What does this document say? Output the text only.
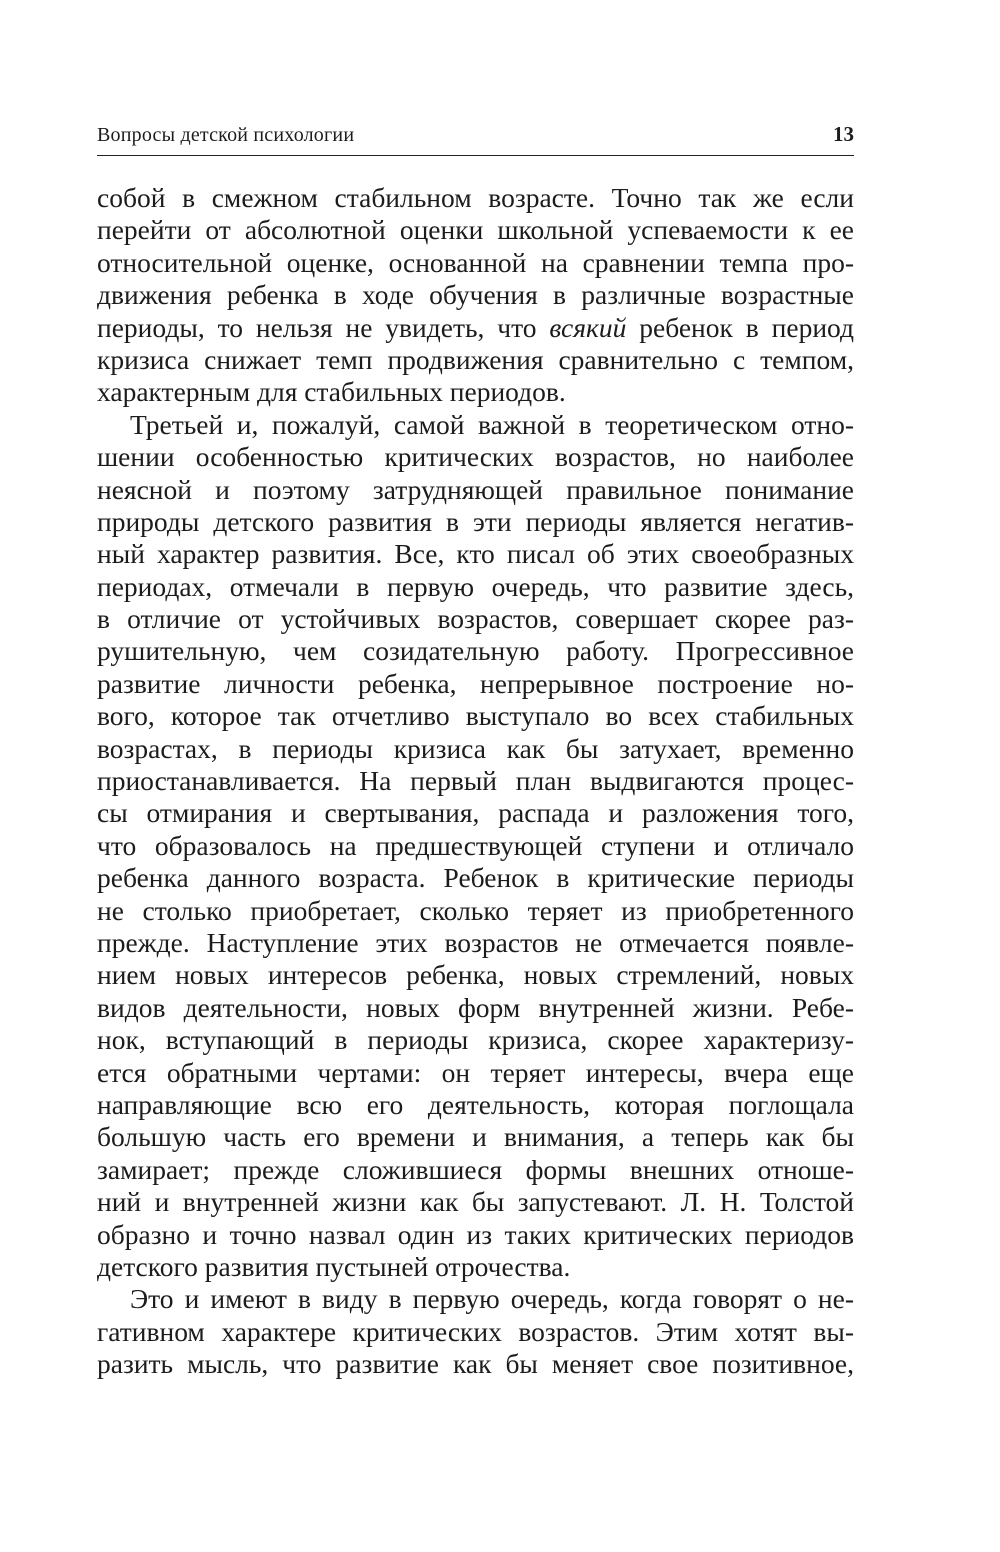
Вопросы детской психологии	13
собой в смежном стабильном возрасте. Точно так же если
перейти от абсолютной оценки школьной успеваемости к ее
относительной оценке, основанной на сравнении темпа про-
движения ребенка в ходе обучения в различные возрастные
периоды, то нельзя не увидеть, что всякий ребенок в период
кризиса снижает темп продвижения сравнительно с темпом,
характерным для стабильных периодов.
Третьей и, пожалуй, самой важной в теоретическом отно-
шении особенностью критических возрастов, но наиболее
неясной и поэтому затрудняющей правильное понимание
природы детского развития в эти периоды является негатив-
ный характер развития. Все, кто писал об этих своеобразных
периодах, отмечали в первую очередь, что развитие здесь,
в отличие от устойчивых возрастов, совершает скорее раз-
рушительную, чем созидательную работу. Прогрессивное
развитие личности ребенка, непрерывное построение но-
вого, которое так отчетливо выступало во всех стабильных
возрастах, в периоды кризиса как бы затухает, временно
приостанавливается. На первый план выдвигаются процес-
сы отмирания и свертывания, распада и разложения того,
что образовалось на предшествующей ступени и отличало
ребенка данного возраста. Ребенок в критические периоды
не столько приобретает, сколько теряет из приобретенного
прежде. Наступление этих возрастов не отмечается появле-
нием новых интересов ребенка, новых стремлений, новых
видов деятельности, новых форм внутренней жизни. Ребе-
нок, вступающий в периоды кризиса, скорее характеризу-
ется обратными чертами: он теряет интересы, вчера еще
направляющие всю его деятельность, которая поглощала
большую часть его времени и внимания, а теперь как бы
замирает; прежде сложившиеся формы внешних отноше-
ний и внутренней жизни как бы запустевают. Л. Н. Толстой
образно и точно назвал один из таких критических периодов
детского развития пустыней отрочества.
Это и имеют в виду в первую очередь, когда говорят о не-
гативном характере критических возрастов. Этим хотят вы-
разить мысль, что развитие как бы меняет свое позитивное,
